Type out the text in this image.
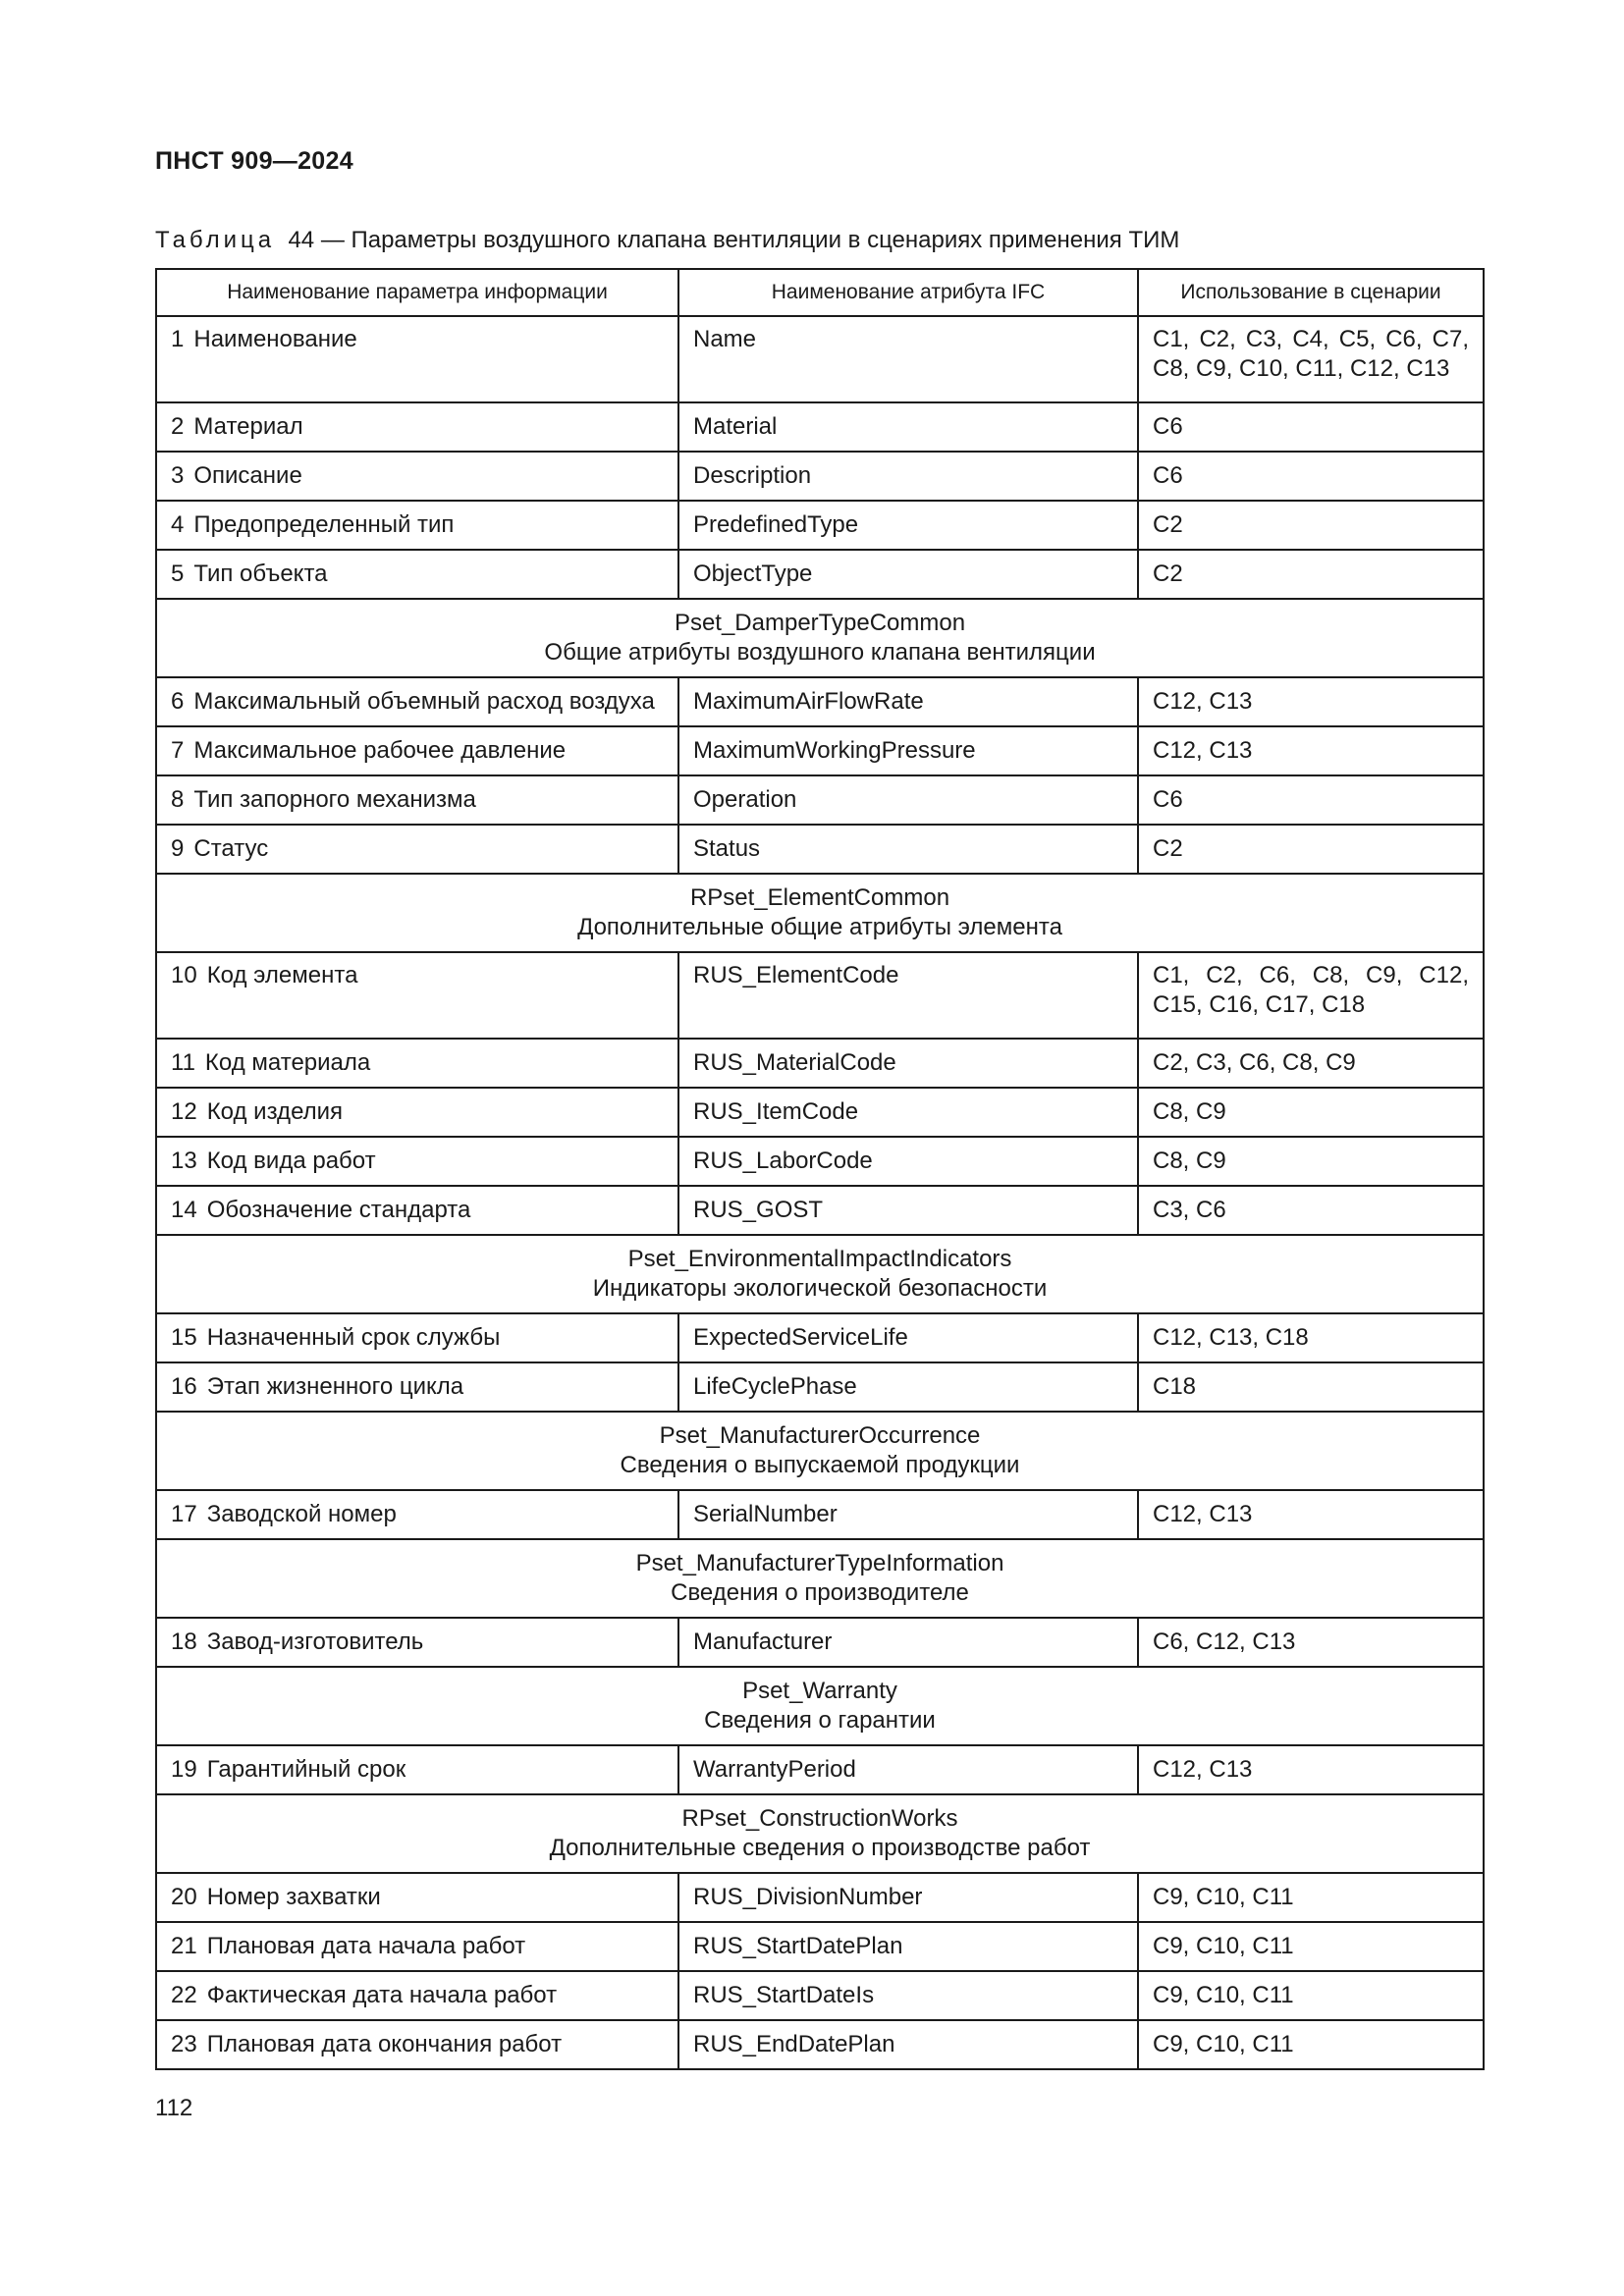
ПНСТ 909—2024
Таблица 44 — Параметры воздушного клапана вентиляции в сценариях применения ТИМ
Наименование параметра информации	Наименование атрибута IFC	Использование в сценарии
1 Наименование	Name	С1, С2, С3, С4, С5, С6, С7, С8, С9, С10, С11, С12, С13
2 Материал	Material	С6
3 Описание	Description	С6
4 Предопределенный тип	PredefinedType	С2
5 Тип объекта	ObjectType	С2

Pset_DamperTypeCommon
Общие атрибуты воздушного клапана вентиляции		

6 Максимальный объемный расход воздуха	MaximumAirFlowRate	С12, С13
7 Максимальное рабочее давление	MaximumWorkingPressure	С12, С13
8 Тип запорного механизма	Operation	С6
9 Статус	Status	С2

RPset_ElementCommon
Дополнительные общие атрибуты элемента		

10 Код элемента	RUS_ElementCode	С1, С2, С6, С8, С9, С12, С15, С16, С17, С18
11 Код материала	RUS_MaterialCode	С2, С3, С6, С8, С9
12 Код изделия	RUS_ItemCode	С8, С9
13 Код вида работ	RUS_LaborCode	С8, С9
14 Обозначение стандарта	RUS_GOST	С3, С6

Pset_EnvironmentalImpactIndicators
Индикаторы экологической безопасности		

15 Назначенный срок службы	ExpectedServiceLife	С12, С13, С18
16 Этап жизненного цикла	LifeCyclePhase	С18

Pset_ManufacturerOccurrence
Сведения о выпускаемой продукции		

17 Заводской номер	SerialNumber	С12, С13

Pset_ManufacturerTypeInformation
Сведения о производителе		

18 Завод-изготовитель	Manufacturer	С6, С12, С13

Pset_Warranty
Сведения о гарантии		

19 Гарантийный срок	WarrantyPeriod	С12, С13

RPset_ConstructionWorks
Дополнительные сведения о производстве работ		

20 Номер захватки	RUS_DivisionNumber	С9, С10, С11
21 Плановая дата начала работ	RUS_StartDatePlan	С9, С10, С11
22 Фактическая дата начала работ	RUS_StartDateIs	С9, С10, С11
23 Плановая дата окончания работ	RUS_EndDatePlan	С9, С10, С11
112
